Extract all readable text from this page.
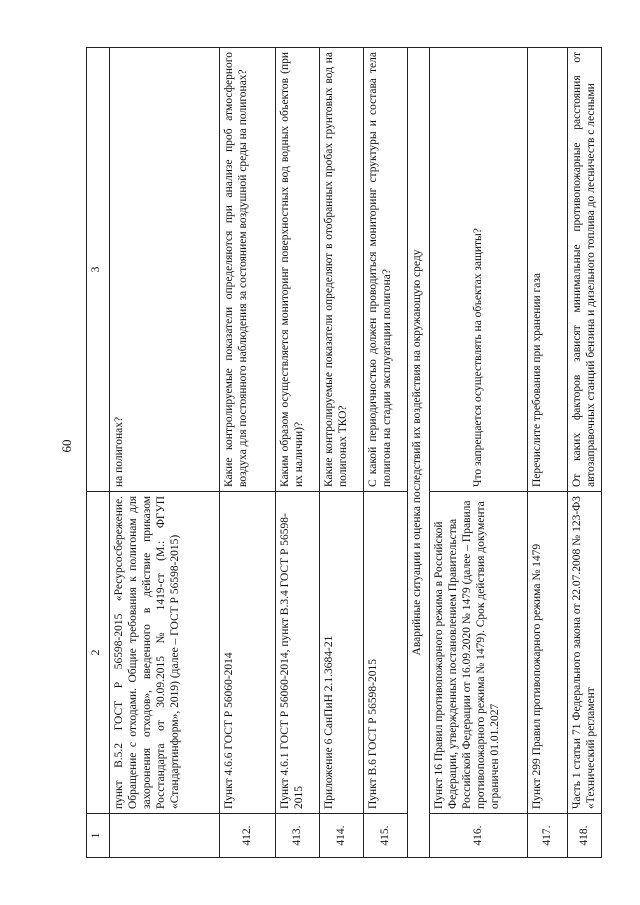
60
1	2	3
	пункт В.5.2 ГОСТ Р 56598-2015 «Ресурсосбережение. Обращение с отходами. Общие требования к полигонам для захоронения отходов», введенного в действие приказом Росстандарта от 30.09.2015 № 1419-ст (М.: ФГУП «Стандартинформ», 2019) (далее – ГОСТ Р 56598-2015)	на полигонах?
412.	Пункт 4.6.6 ГОСТ Р 56060-2014	Какие контролируемые показатели определяются при анализе проб атмосферного воздуха для постоянного наблюдения за состоянием воздушной среды на полигонах?
413.	Пункт 4.6.1 ГОСТ Р 56060-2014, пункт В.3.4 ГОСТ Р 56598-2015	Каким образом осуществляется мониторинг поверхностных вод водных объектов (при их наличии)?
414.	Приложение 6 СанПиН 2.1.3684-21	Какие контролируемые показатели определяют в отобранных пробах грунтовых вод на полигонах ТКО?
415.	Пункт В.6 ГОСТ Р 56598-2015	С какой периодичностью должен проводиться мониторинг структуры и состава тела полигона на стадии эксплуатации полигона?
Аварийные ситуации и оценка последствий их воздействия на окружающую среду		
416.	Пункт 16 Правил противопожарного режима в Российской Федерации, утвержденных постановлением Правительства Российской Федерации от 16.09.2020 № 1479 (далее – Правила противопожарного режима № 1479). Срок действия документа ограничен 01.01.2027	Что запрещается осуществлять на объектах защиты?
417.	Пункт 299 Правил противопожарного режима № 1479	Перечислите требования при хранении газа
418.	Часть 1 статьи 71 Федерального закона от 22.07.2008 № 123-ФЗ «Технический регламент	От каких факторов зависят минимальные противопожарные расстояния от автозаправочных станций бензина и дизельного топлива до лесничеств с лесными
